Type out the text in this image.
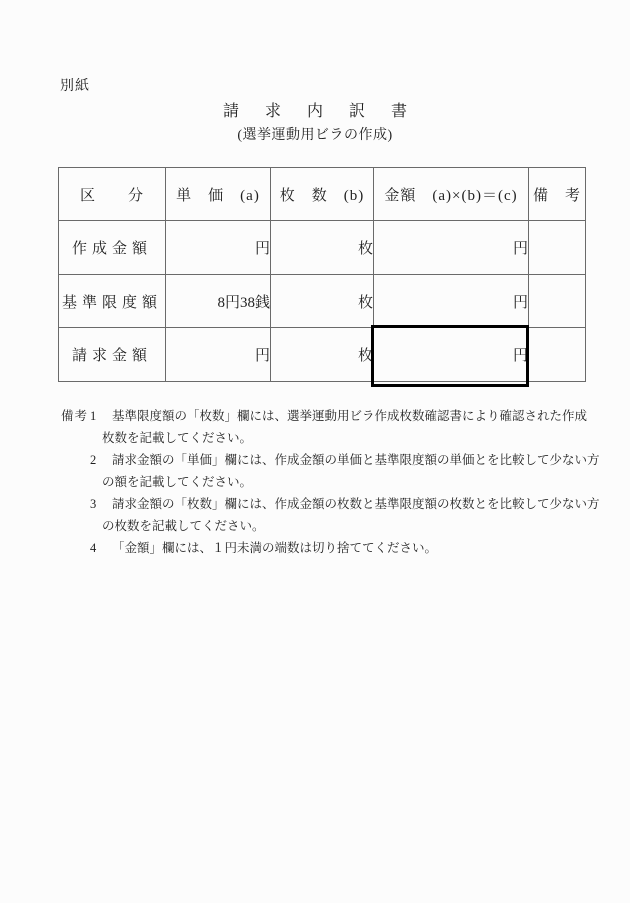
別紙
請　求　内　訳　書
(選挙運動用ビラの作成)
区　　分	単　価　(a)	枚　数　(b)	金額　(a)×(b)＝(c)	備　考
作成金額	円	枚	円	
基準限度額	8円38銭	枚	円	
請求金額	円	枚	円	
備考 1 基準限度額の「枚数」欄には、選挙運動用ビラ作成枚数確認書により確認された作成
枚数を記載してください。
2 請求金額の「単価」欄には、作成金額の単価と基準限度額の単価とを比較して少ない方
の額を記載してください。
3 請求金額の「枚数」欄には、作成金額の枚数と基準限度額の枚数とを比較して少ない方
の枚数を記載してください。
4 「金額」欄には、１円未満の端数は切り捨ててください。
